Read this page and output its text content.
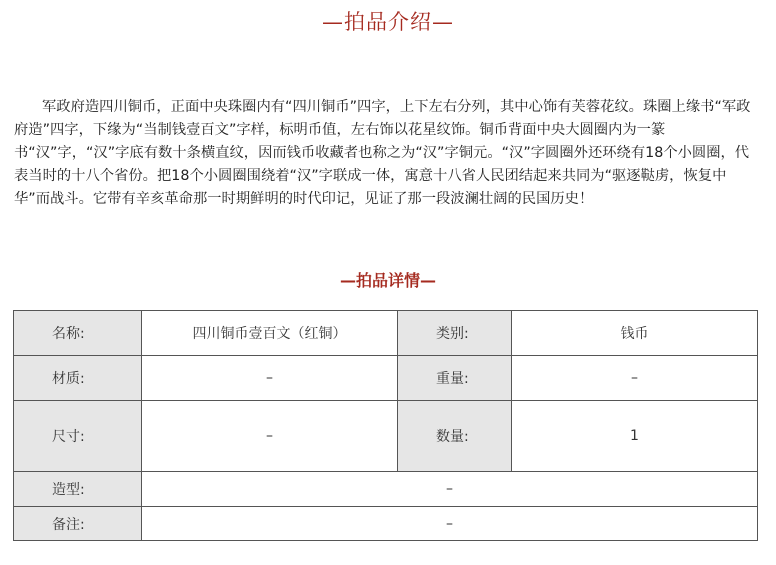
—拍品介绍—

军政府造四川铜币，正面中央珠圈内有“四川铜币”四字，上下左右分列，其中心饰有芙蓉花纹。珠圈上缘书“军政府造”四字，下缘为“当制钱壹百文”字样，标明币值，左右饰以花星纹饰。铜币背面中央大圆圈内为一篆书“汉”字，“汉”字底有数十条横直纹，因而钱币收藏者也称之为“汉”字铜元。“汉”字圆圈外还环绕有18个小圆圈，代表当时的十八个省份。把18个小圆圈围绕着“汉”字联成一体，寓意十八省人民团结起来共同为“驱逐鞑虏，恢复中华”而战斗。它带有辛亥革命那一时期鲜明的时代印记，见证了那一段波澜壮阔的民国历史！

—拍品详情—
名称:	四川铜币壹百文（红铜）	类别:	钱币
材质:	–	重量:	–
尺寸:	–	数量:	1
造型:	–		
备注:	–		
